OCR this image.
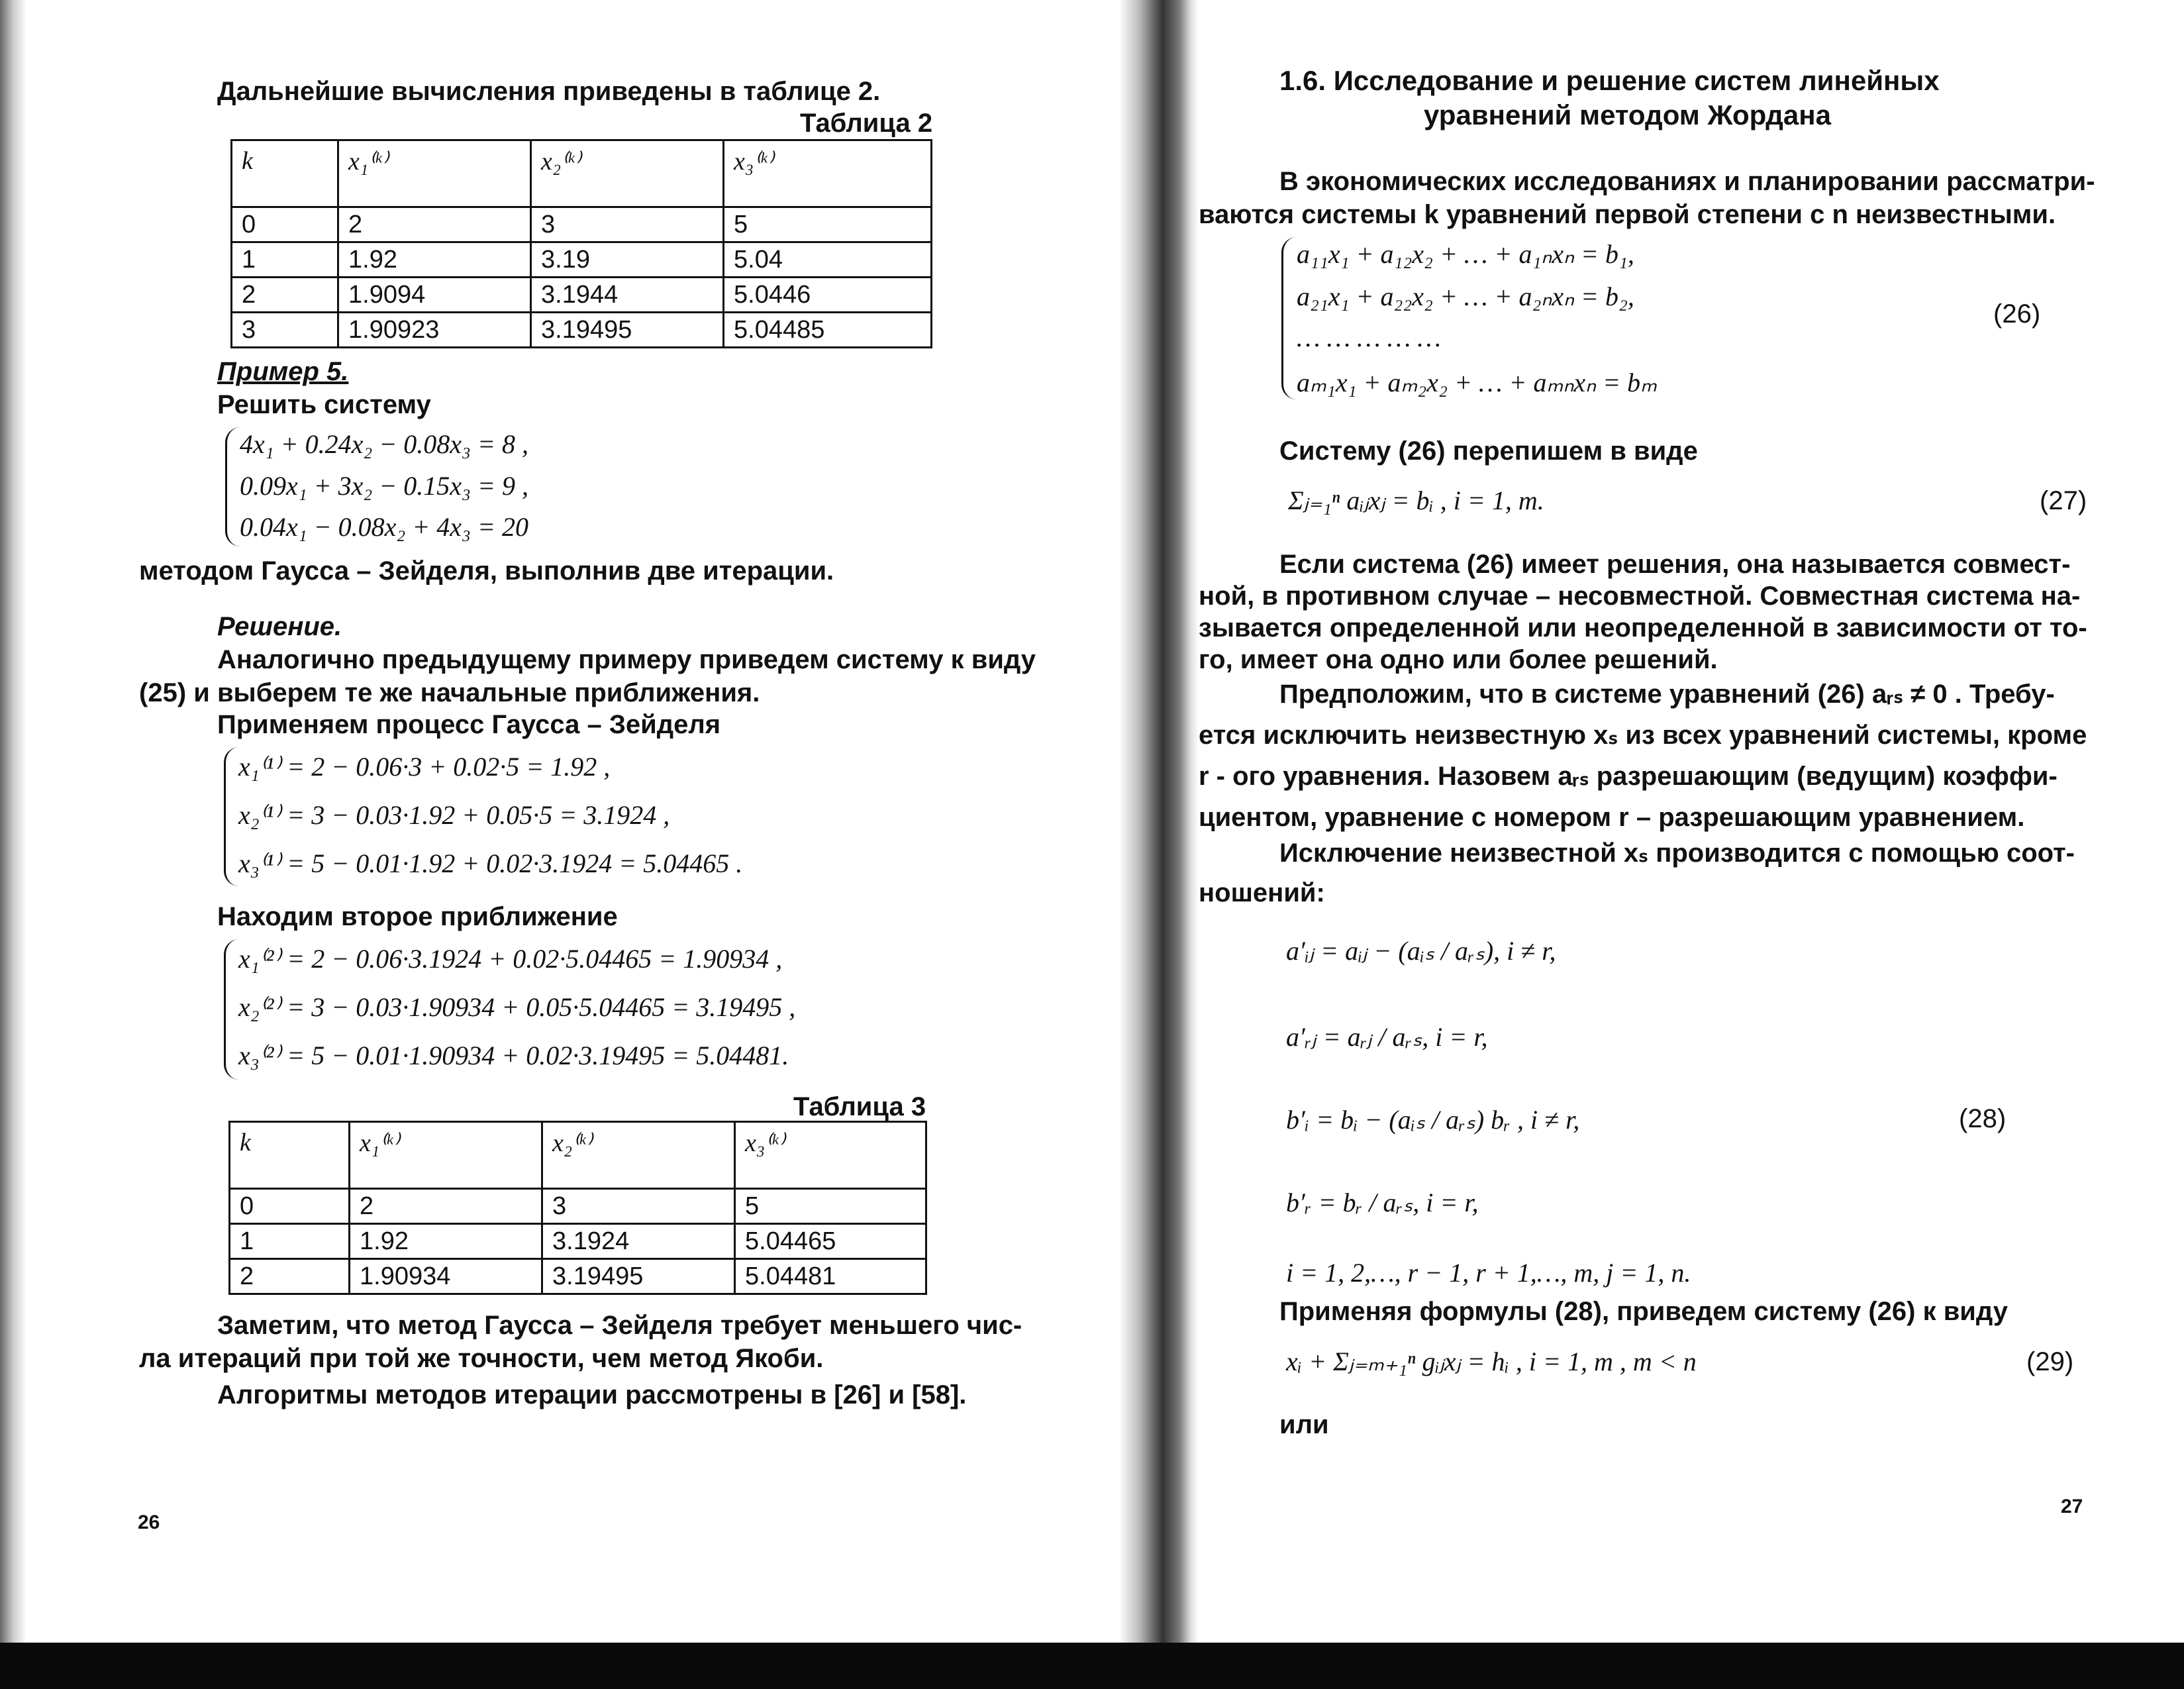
Дальнейшие вычисления приведены в таблице 2.
Таблица 2
k	x₁⁽ᵏ⁾	x₂⁽ᵏ⁾	x₃⁽ᵏ⁾
0	2	3	5
1	1.92	3.19	5.04
2	1.9094	3.1944	5.0446
3	1.90923	3.19495	5.04485
Пример 5.
Решить систему
4x₁ + 0.24x₂ − 0.08x₃ = 8 ,
0.09x₁ + 3x₂ − 0.15x₃ = 9 ,
0.04x₁ − 0.08x₂ + 4x₃ = 20
методом Гаусса – Зейделя, выполнив две итерации.
Решение.
Аналогично предыдущему примеру приведем систему к виду
(25) и выберем те же начальные приближения.
Применяем процесс Гаусса – Зейделя
x₁⁽¹⁾ = 2 − 0.06·3 + 0.02·5 = 1.92 ,
x₂⁽¹⁾ = 3 − 0.03·1.92 + 0.05·5 = 3.1924 ,
x₃⁽¹⁾ = 5 − 0.01·1.92 + 0.02·3.1924 = 5.04465 .
Находим второе приближение
x₁⁽²⁾ = 2 − 0.06·3.1924 + 0.02·5.04465 = 1.90934 ,
x₂⁽²⁾ = 3 − 0.03·1.90934 + 0.05·5.04465 = 3.19495 ,
x₃⁽²⁾ = 5 − 0.01·1.90934 + 0.02·3.19495 = 5.04481.
Таблица 3
k	x₁⁽ᵏ⁾	x₂⁽ᵏ⁾	x₃⁽ᵏ⁾
0	2	3	5
1	1.92	3.1924	5.04465
2	1.90934	3.19495	5.04481
Заметим, что метод Гаусса – Зейделя требует меньшего чис-
ла итераций при той же точности, чем метод Якоби.
Алгоритмы методов итерации рассмотрены в [26] и [58].
26
1.6. Исследование и решение систем линейных
уравнений методом Жордана
В экономических исследованиях и планировании рассматри-
ваются системы k уравнений первой степени с n неизвестными.
a₁₁x₁ + a₁₂x₂ + … + a₁ₙxₙ = b₁,
a₂₁x₁ + a₂₂x₂ + … + a₂ₙxₙ = b₂,
… … … … …
aₘ₁x₁ + aₘ₂x₂ + … + aₘₙxₙ = bₘ
(26)
Систему (26) перепишем в виде
Σⱼ₌₁ⁿ aᵢⱼxⱼ = bᵢ , i = 1, m.	(27)
Если система (26) имеет решения, она называется совмест-
ной, в противном случае – несовместной. Совместная система на-
зывается определенной или неопределенной в зависимости от то-
го, имеет она одно или более решений.
Предположим, что в системе уравнений (26) aᵣₛ ≠ 0 . Требу-
ется исключить неизвестную xₛ из всех уравнений системы, кроме
r - ого уравнения. Назовем aᵣₛ разрешающим (ведущим) коэффи-
циентом, уравнение с номером r – разрешающим уравнением.
Исключение неизвестной xₛ производится с помощью соот-
ношений:
a′ᵢⱼ = aᵢⱼ − (aᵢₛ / aᵣₛ), i ≠ r,
a′ᵣⱼ = aᵣⱼ / aᵣₛ, i = r,
b′ᵢ = bᵢ − (aᵢₛ / aᵣₛ) bᵣ , i ≠ r,
b′ᵣ = bᵣ / aᵣₛ, i = r,
(28)
i = 1, 2,…, r − 1, r + 1,…, m, j = 1, n.
Применяя формулы (28), приведем систему (26) к виду
xᵢ + Σⱼ₌ₘ₊₁ⁿ gᵢⱼxⱼ = hᵢ , i = 1, m , m < n	(29)
или
27
